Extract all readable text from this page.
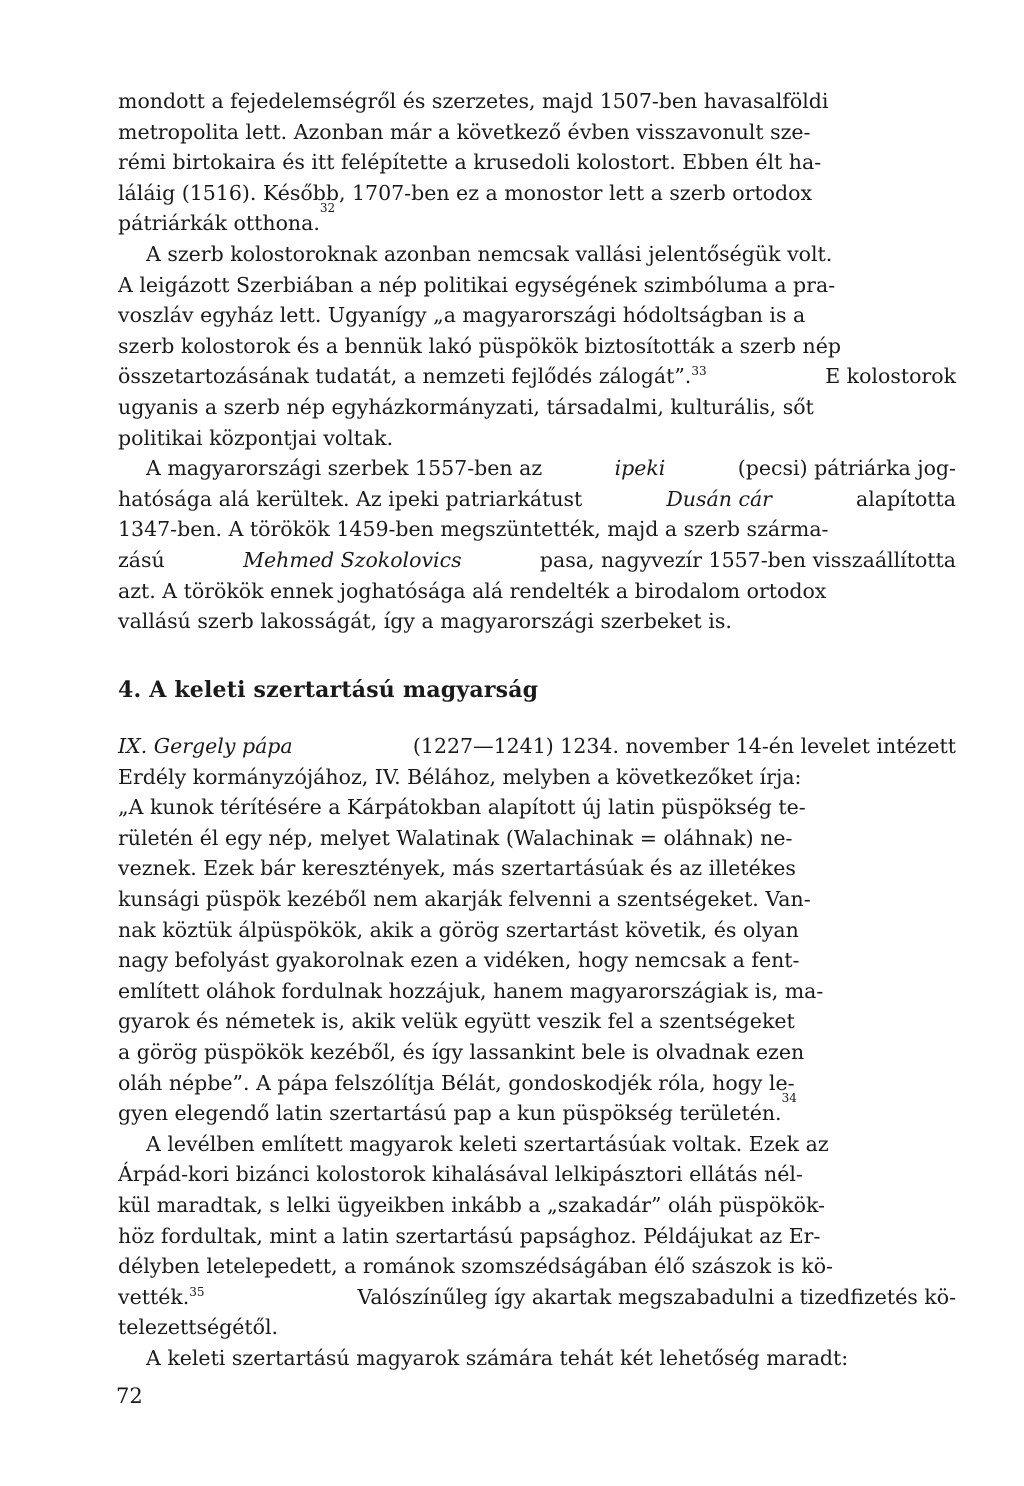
mondott a fejedelemségről és szerzetes, majd 1507-ben havasalföldi
metropolita lett. Azonban már a következő évben visszavonult sze-
rémi birtokaira és itt felépítette a krusedoli kolostort. Ebben élt ha-
láláig (1516). Később, 1707-ben ez a monostor lett a szerb ortodox
pátriárkák otthona.
32
A szerb kolostoroknak azonban nemcsak vallási jelentőségük volt.
A leigázott Szerbiában a nép politikai egységének szimbóluma a pra-
voszláv egyház lett. Ugyanígy „a magyarországi hódoltságban is a
szerb kolostorok és a bennük lakó püspökök biztosították a szerb nép
összetartozásának tudatát, a nemzeti fejlődés zálogát”.$^{33}$	E kolostorok
ugyanis a szerb nép egyházkormányzati, társadalmi, kulturális, sőt
politikai központjai voltak.
A magyarországi szerbek 1557-ben az	ipeki	(pecsi) pátriárka jog-
hatósága alá kerültek. Az ipeki patriarkátust	Dusán cár	alapította
1347-ben. A törökök 1459-ben megszüntették, majd a szerb szárma-
zású	Mehmed Szokolovics	pasa, nagyvezír 1557-ben visszaállította
azt. A törökök ennek joghatósága alá rendelték a birodalom ortodox
vallású szerb lakosságát, így a magyarországi szerbeket is.
4. A keleti szertartású magyarság
IX. Gergely pápa	(1227—1241) 1234. november 14-én levelet intézett
Erdély kormányzójához, IV. Bélához, melyben a következőket írja:
„A kunok térítésére a Kárpátokban alapított új latin püspökség te-
rületén él egy nép, melyet Walatinak (Walachinak = oláhnak) ne-
veznek. Ezek bár keresztények, más szertartásúak és az illetékes
kunsági püspök kezéből nem akarják felvenni a szentségeket. Van-
nak köztük álpüspökök, akik a görög szertartást követik, és olyan
nagy befolyást gyakorolnak ezen a vidéken, hogy nemcsak a fent-
említett oláhok fordulnak hozzájuk, hanem magyarországiak is, ma-
gyarok és németek is, akik velük együtt veszik fel a szentségeket
a görög püspökök kezéből, és így lassankint bele is olvadnak ezen
oláh népbe”. A pápa felszólítja Bélát, gondoskodjék róla, hogy le-
gyen elegendő latin szertartású pap a kun püspökség területén.
34
A levélben említett magyarok keleti szertartásúak voltak. Ezek az
Árpád-kori bizánci kolostorok kihalásával lelkipásztori ellátás nél-
kül maradtak, s lelki ügyeikben inkább a „szakadár” oláh püspökök-
höz fordultak, mint a latin szertartású papsághoz. Példájukat az Er-
délyben letelepedett, a románok szomszédságában élő szászok is kö-
vették.$^{35}$	Valószínűleg így akartak megszabadulni a tizedfizetés kö-
telezettségétől.
A keleti szertartású magyarok számára tehát két lehetőség maradt:
72
